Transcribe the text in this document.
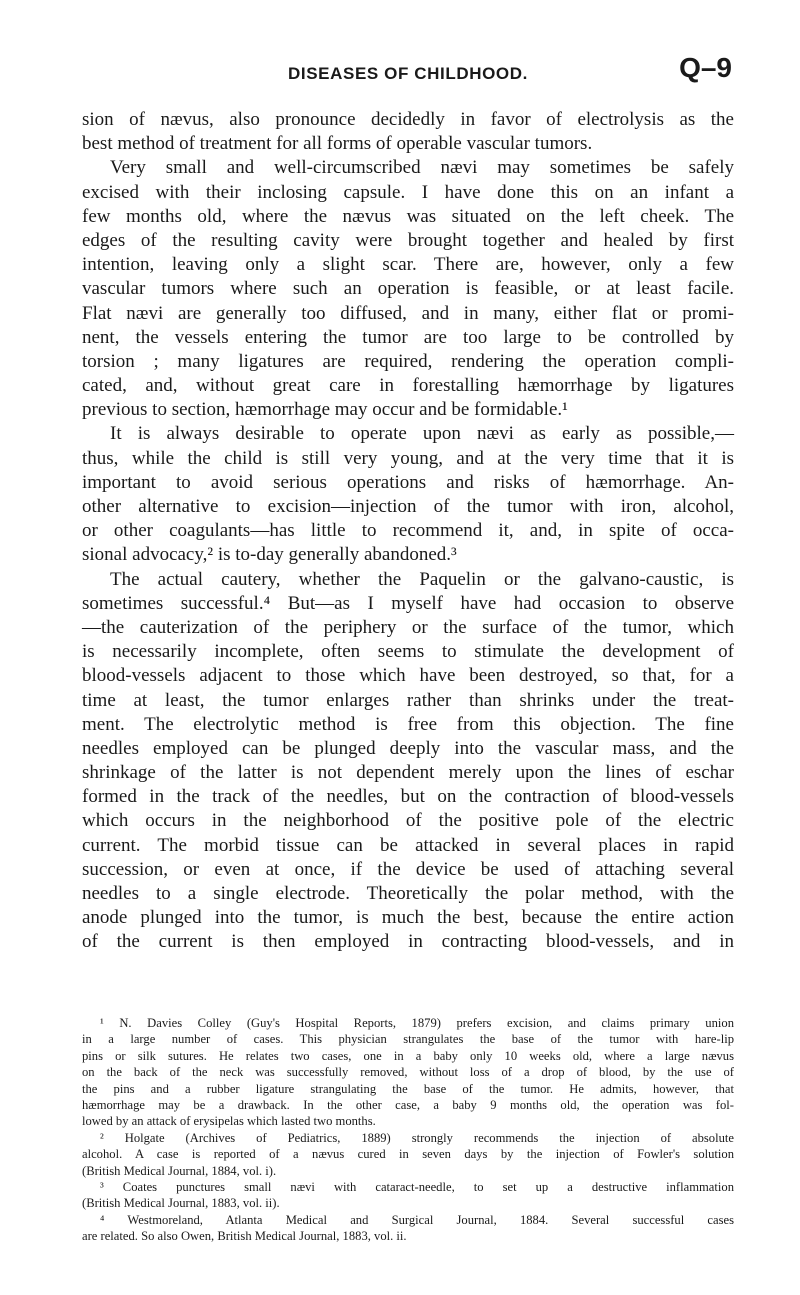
DISEASES OF CHILDHOOD.	Q–9
sion of nævus, also pronounce decidedly in favor of electrolysis as the
best method of treatment for all forms of operable vascular tumors.
Very small and well-circumscribed nævi may sometimes be safely
excised with their inclosing capsule. I have done this on an infant a
few months old, where the nævus was situated on the left cheek. The
edges of the resulting cavity were brought together and healed by first
intention, leaving only a slight scar. There are, however, only a few
vascular tumors where such an operation is feasible, or at least facile.
Flat nævi are generally too diffused, and in many, either flat or promi-
nent, the vessels entering the tumor are too large to be controlled by
torsion ; many ligatures are required, rendering the operation compli-
cated, and, without great care in forestalling hæmorrhage by ligatures
previous to section, hæmorrhage may occur and be formidable.¹
It is always desirable to operate upon nævi as early as possible,—
thus, while the child is still very young, and at the very time that it is
important to avoid serious operations and risks of hæmorrhage. An-
other alternative to excision—injection of the tumor with iron, alcohol,
or other coagulants—has little to recommend it, and, in spite of occa-
sional advocacy,² is to-day generally abandoned.³
The actual cautery, whether the Paquelin or the galvano-caustic, is
sometimes successful.⁴ But—as I myself have had occasion to observe
—the cauterization of the periphery or the surface of the tumor, which
is necessarily incomplete, often seems to stimulate the development of
blood-vessels adjacent to those which have been destroyed, so that, for a
time at least, the tumor enlarges rather than shrinks under the treat-
ment. The electrolytic method is free from this objection. The fine
needles employed can be plunged deeply into the vascular mass, and the
shrinkage of the latter is not dependent merely upon the lines of eschar
formed in the track of the needles, but on the contraction of blood-vessels
which occurs in the neighborhood of the positive pole of the electric
current. The morbid tissue can be attacked in several places in rapid
succession, or even at once, if the device be used of attaching several
needles to a single electrode. Theoretically the polar method, with the
anode plunged into the tumor, is much the best, because the entire action
of the current is then employed in contracting blood-vessels, and in
¹ N. Davies Colley (Guy's Hospital Reports, 1879) prefers excision, and claims primary union
in a large number of cases. This physician strangulates the base of the tumor with hare-lip
pins or silk sutures. He relates two cases, one in a baby only 10 weeks old, where a large nævus
on the back of the neck was successfully removed, without loss of a drop of blood, by the use of
the pins and a rubber ligature strangulating the base of the tumor. He admits, however, that
hæmorrhage may be a drawback. In the other case, a baby 9 months old, the operation was fol-
lowed by an attack of erysipelas which lasted two months.
² Holgate (Archives of Pediatrics, 1889) strongly recommends the injection of absolute
alcohol. A case is reported of a nævus cured in seven days by the injection of Fowler's solution
(British Medical Journal, 1884, vol. i).
³ Coates punctures small nævi with cataract-needle, to set up a destructive inflammation
(British Medical Journal, 1883, vol. ii).
⁴ Westmoreland, Atlanta Medical and Surgical Journal, 1884. Several successful cases
are related. So also Owen, British Medical Journal, 1883, vol. ii.
